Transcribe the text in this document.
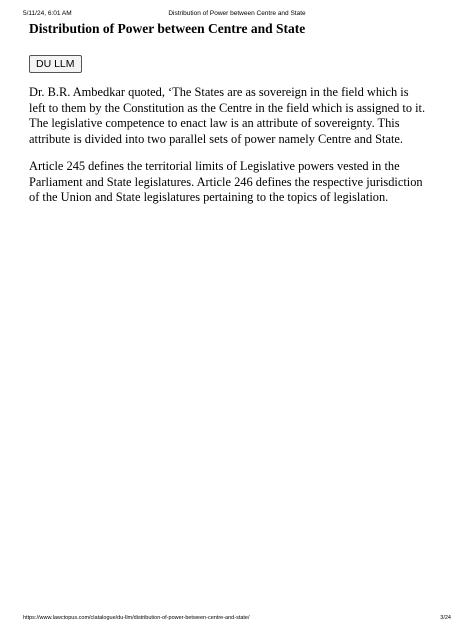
5/11/24, 6:01 AM	Distribution of Power between Centre and State
Distribution of Power between Centre and State
DU LLM

Dr. B.R. Ambedkar quoted, ‘The States are as sovereign in the field which is
left to them by the Constitution as the Centre in the field which is assigned to it.
The legislative competence to enact law is an attribute of sovereignty. This
attribute is divided into two parallel sets of power namely Centre and State.

Article 245 defines the territorial limits of Legislative powers vested in the
Parliament and State legislatures. Article 246 defines the respective jurisdiction
of the Union and State legislatures pertaining to the topics of legislation.

https://www.lawctopus.com/clatalogue/du-llm/distribution-of-power-between-centre-and-state/	3/24
